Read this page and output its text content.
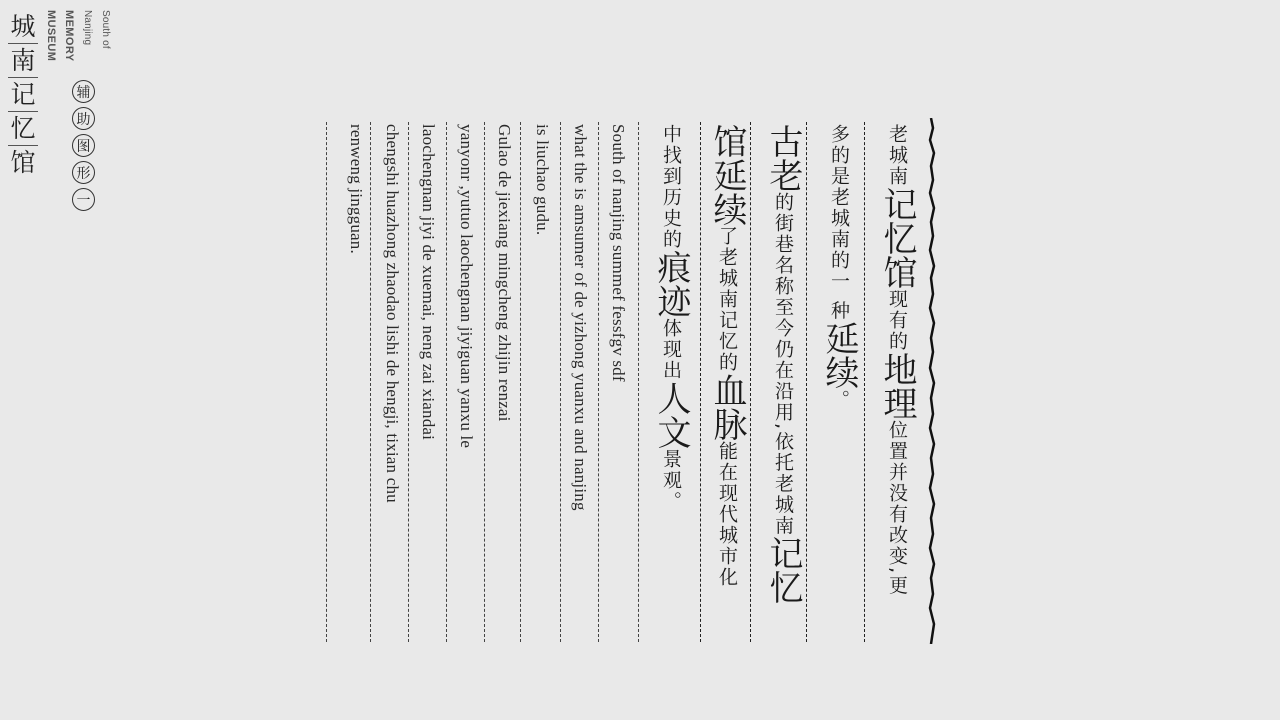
城
南
记
忆
馆
South of Nanjing MEMORY MUSEUM
辅
助
图
形
一
老城南记忆馆现有的地理位置并没有改变,更
多的是老城南的一 种延续。
古老的街巷名称至今仍在沿用,依托老城南记忆
馆延续了老城南记忆的血脉能在现代城市化
中找到历史的痕迹体现出人文景观。
South of nanjing summef fessfgv sdf
what the is amsumer of de yizhong yuanxu and nanjing
is liuchao gudu.
Gulao de jiexiang mingcheng zhijin renzai
yanyonr ,yutuo laochengnan jiyiguan yanxu le
laochengnan jiyi de xuemai, neng zai xiandai
chengshi huazhong zhaodao lishi de hengji, tixian chu
renweng jingguan.
